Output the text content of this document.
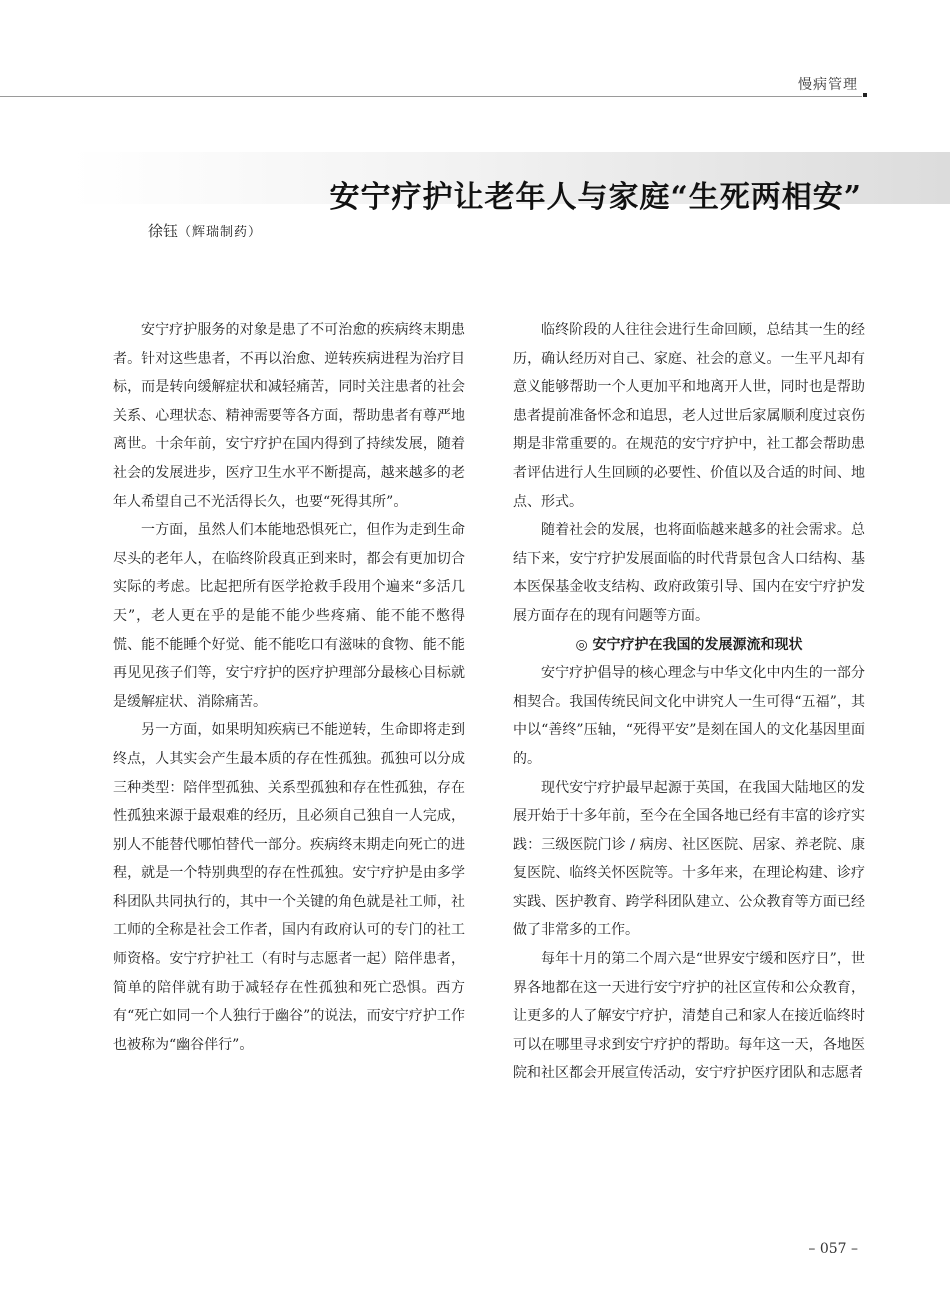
慢病管理
安宁疗护让老年人与家庭“生死两相安”
徐钰（辉瑞制药）

安宁疗护服务的对象是患了不可治愈的疾病终末期患者。针对这些患者，不再以治愈、逆转疾病进程为治疗目标，而是转向缓解症状和减轻痛苦，同时关注患者的社会关系、心理状态、精神需要等各方面，帮助患者有尊严地离世。十余年前，安宁疗护在国内得到了持续发展，随着社会的发展进步，医疗卫生水平不断提高，越来越多的老年人希望自己不光活得长久，也要“死得其所”。

一方面，虽然人们本能地恐惧死亡，但作为走到生命尽头的老年人，在临终阶段真正到来时，都会有更加切合实际的考虑。比起把所有医学抢救手段用个遍来“多活几天”，老人更在乎的是能不能少些疼痛、能不能不憋得慌、能不能睡个好觉、能不能吃口有滋味的食物、能不能再见见孩子们等，安宁疗护的医疗护理部分最核心目标就是缓解症状、消除痛苦。

另一方面，如果明知疾病已不能逆转，生命即将走到终点，人其实会产生最本质的存在性孤独。孤独可以分成三种类型：陪伴型孤独、关系型孤独和存在性孤独，存在性孤独来源于最艰难的经历，且必须自己独自一人完成，别人不能替代哪怕替代一部分。疾病终末期走向死亡的进程，就是一个特别典型的存在性孤独。安宁疗护是由多学科团队共同执行的，其中一个关键的角色就是社工师，社工师的全称是社会工作者，国内有政府认可的专门的社工师资格。安宁疗护社工（有时与志愿者一起）陪伴患者，简单的陪伴就有助于减轻存在性孤独和死亡恐惧。西方有“死亡如同一个人独行于幽谷”的说法，而安宁疗护工作也被称为“幽谷伴行”。

临终阶段的人往往会进行生命回顾，总结其一生的经历，确认经历对自己、家庭、社会的意义。一生平凡却有意义能够帮助一个人更加平和地离开人世，同时也是帮助患者提前准备怀念和追思，老人过世后家属顺利度过哀伤期是非常重要的。在规范的安宁疗护中，社工都会帮助患者评估进行人生回顾的必要性、价值以及合适的时间、地点、形式。

随着社会的发展，也将面临越来越多的社会需求。总结下来，安宁疗护发展面临的时代背景包含人口结构、基本医保基金收支结构、政府政策引导、国内在安宁疗护发展方面存在的现有问题等方面。

◎ 安宁疗护在我国的发展源流和现状

安宁疗护倡导的核心理念与中华文化中内生的一部分相契合。我国传统民间文化中讲究人一生可得“五福”，其中以“善终”压轴，“死得平安”是刻在国人的文化基因里面的。

现代安宁疗护最早起源于英国，在我国大陆地区的发展开始于十多年前，至今在全国各地已经有丰富的诊疗实践：三级医院门诊 / 病房、社区医院、居家、养老院、康复医院、临终关怀医院等。十多年来，在理论构建、诊疗实践、医护教育、跨学科团队建立、公众教育等方面已经做了非常多的工作。

每年十月的第二个周六是“世界安宁缓和医疗日”，世界各地都在这一天进行安宁疗护的社区宣传和公众教育，让更多的人了解安宁疗护，清楚自己和家人在接近临终时可以在哪里寻求到安宁疗护的帮助。每年这一天，各地医院和社区都会开展宣传活动，安宁疗护医疗团队和志愿者

– 057 –
